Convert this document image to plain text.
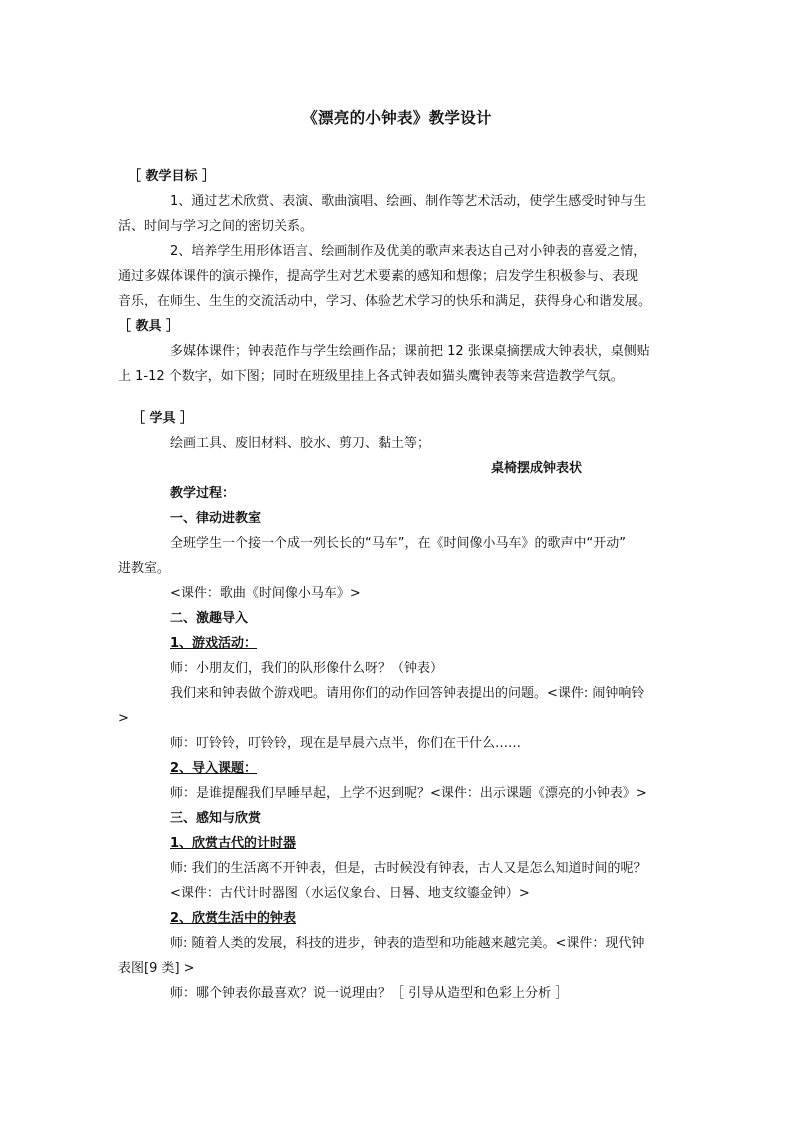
《漂亮的小钟表》教学设计
［ 教学目标 ］
1、通过艺术欣赏、表演、歌曲演唱、绘画、制作等艺术活动，使学生感受时钟与生
活、时间与学习之间的密切关系。
2、培养学生用形体语言、绘画制作及优美的歌声来表达自己对小钟表的喜爱之情，
通过多媒体课件的演示操作，提高学生对艺术要素的感知和想像；启发学生积极参与、表现
音乐，在师生、生生的交流活动中，学习、体验艺术学习的快乐和满足，获得身心和谐发展。
［ 教具 ］
多媒体课件；钟表范作与学生绘画作品；课前把 12 张课桌摘摆成大钟表状，桌侧贴
上 1-12 个数字，如下图；同时在班级里挂上各式钟表如猫头鹰钟表等来营造教学气氛。
［ 学具 ］
绘画工具、废旧材料、胶水、剪刀、黏土等；
桌椅摆成钟表状
教学过程：
一、律动进教室
全班学生一个接一个成一列长长的“马车”，在《时间像小马车》的歌声中“开动”
进教室。
<课件：歌曲《时间像小马车》>
二、激趣导入
1、游戏活动：
师：小朋友们，我们的队形像什么呀？（钟表）
我们来和钟表做个游戏吧。请用你们的动作回答钟表提出的问题。<课件: 闹钟响铃
>
师：叮铃铃，叮铃铃，现在是早晨六点半，你们在干什么……
2、导入课题：
师：是谁提醒我们早睡早起，上学不迟到呢？<课件：出示课题《漂亮的小钟表》>
三、感知与欣赏
1、欣赏古代的计时器
师: 我们的生活离不开钟表，但是，古时候没有钟表，古人又是怎么知道时间的呢？
<课件：古代计时器图（水运仪象台、日晷、地支纹鎏金钟）>
2、欣赏生活中的钟表
师: 随着人类的发展，科技的进步，钟表的造型和功能越来越完美。<课件：现代钟
表图[9 类] >
师：哪个钟表你最喜欢？说一说理由？［ 引导从造型和色彩上分析 ］
